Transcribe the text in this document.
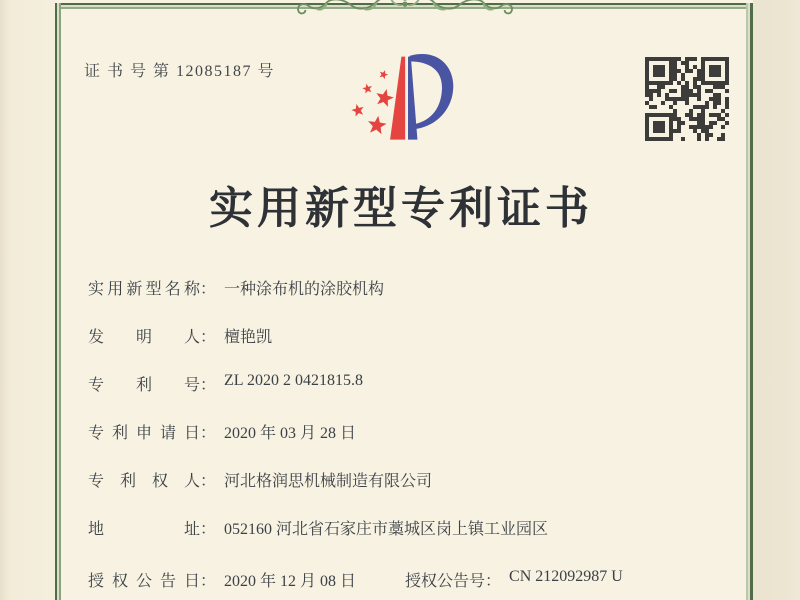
证 书 号 第 12085187 号
实用新型专利证书
实用新型名称 ： 一种涂布机的涂胶机构
发明人 ： 檀艳凯
专利号 ： ZL 2020 2 0421815.8
专利申请日 ： 2020 年 03 月 28 日
专利权人 ： 河北格润思机械制造有限公司
地址 ： 052160 河北省石家庄市藁城区岗上镇工业园区
授权公告日 ： 2020 年 12 月 08 日	授权公告号 ： CN 212092987 U
